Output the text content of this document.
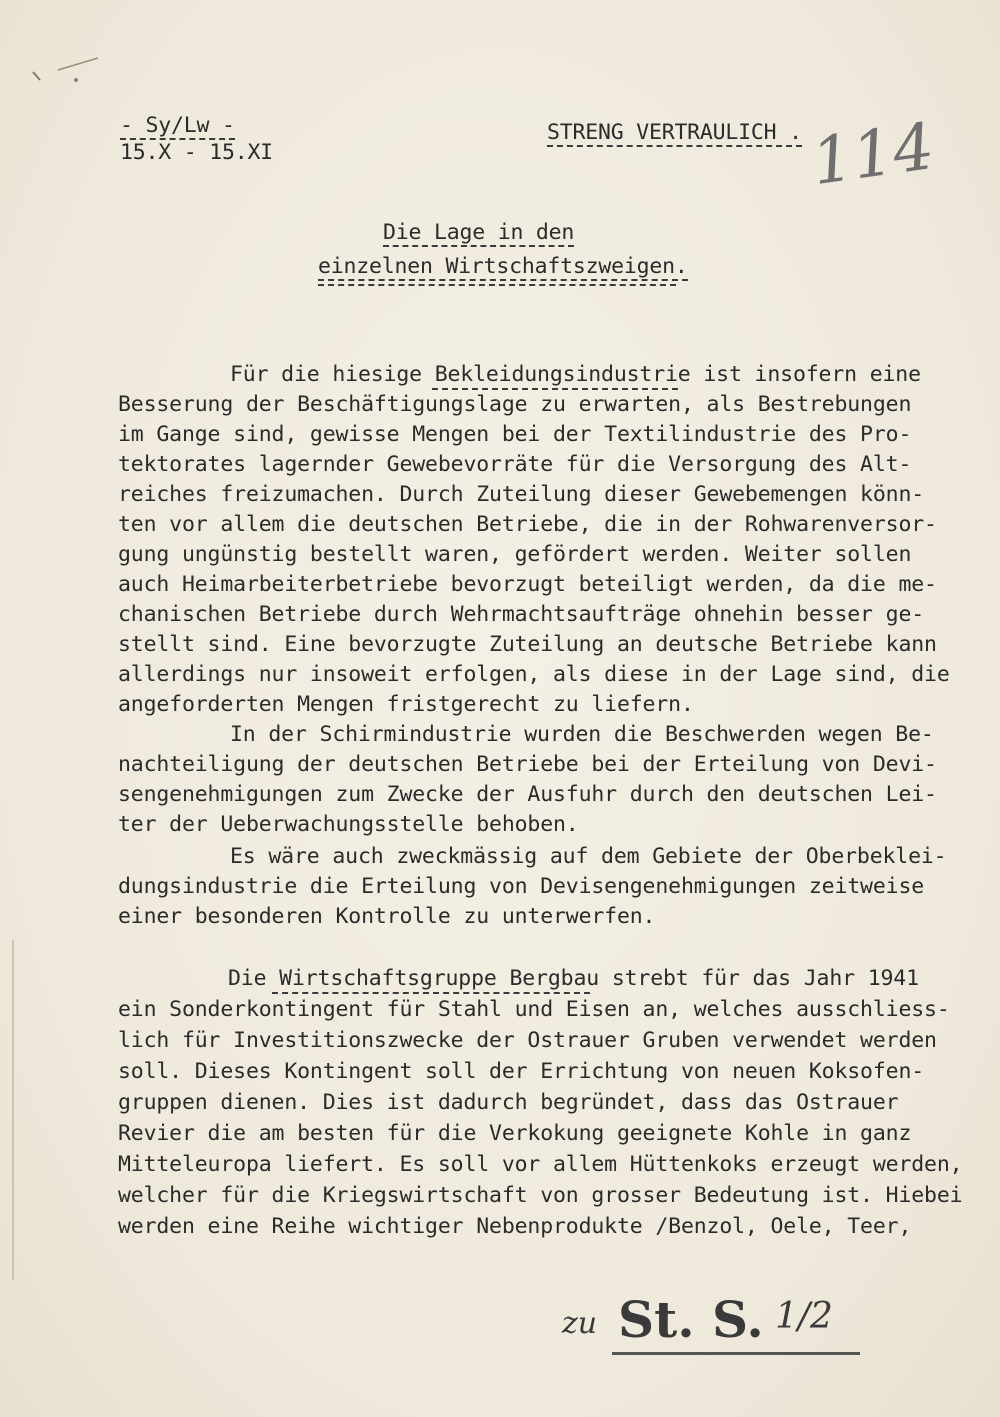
- Sy/Lw -
15.X - 15.XI
STRENG VERTRAULICH . 114
Die Lage in den
einzelnen Wirtschaftszweigen.
Für die hiesige Bekleidungsindustrie ist insofern eine
Besserung der Beschäftigungslage zu erwarten, als Bestrebungen
im Gange sind, gewisse Mengen bei der Textilindustrie des Pro-
tektorates lagernder Gewebevorräte für die Versorgung des Alt-
reiches freizumachen. Durch Zuteilung dieser Gewebemengen könn-
ten vor allem die deutschen Betriebe, die in der Rohwarenversor-
gung ungünstig bestellt waren, gefördert werden. Weiter sollen
auch Heimarbeiterbetriebe bevorzugt beteiligt werden, da die me-
chanischen Betriebe durch Wehrmachtsaufträge ohnehin besser ge-
stellt sind. Eine bevorzugte Zuteilung an deutsche Betriebe kann
allerdings nur insoweit erfolgen, als diese in der Lage sind, die
angeforderten Mengen fristgerecht zu liefern.
In der Schirmindustrie wurden die Beschwerden wegen Be-
nachteiligung der deutschen Betriebe bei der Erteilung von Devi-
sengenehmigungen zum Zwecke der Ausfuhr durch den deutschen Lei-
ter der Ueberwachungsstelle behoben.
Es wäre auch zweckmässig auf dem Gebiete der Oberbeklei-
dungsindustrie die Erteilung von Devisengenehmigungen zeitweise
einer besonderen Kontrolle zu unterwerfen.
Die Wirtschaftsgruppe Bergbau strebt für das Jahr 1941
ein Sonderkontingent für Stahl und Eisen an, welches ausschliess-
lich für Investitionszwecke der Ostrauer Gruben verwendet werden
soll. Dieses Kontingent soll der Errichtung von neuen Koksofen-
gruppen dienen. Dies ist dadurch begründet, dass das Ostrauer
Revier die am besten für die Verkokung geeignete Kohle in ganz
Mitteleuropa liefert. Es soll vor allem Hüttenkoks erzeugt werden,
welcher für die Kriegswirtschaft von grosser Bedeutung ist. Hiebei
werden eine Reihe wichtiger Nebenprodukte /Benzol, Oele, Teer,
zu St. S. 1/2
